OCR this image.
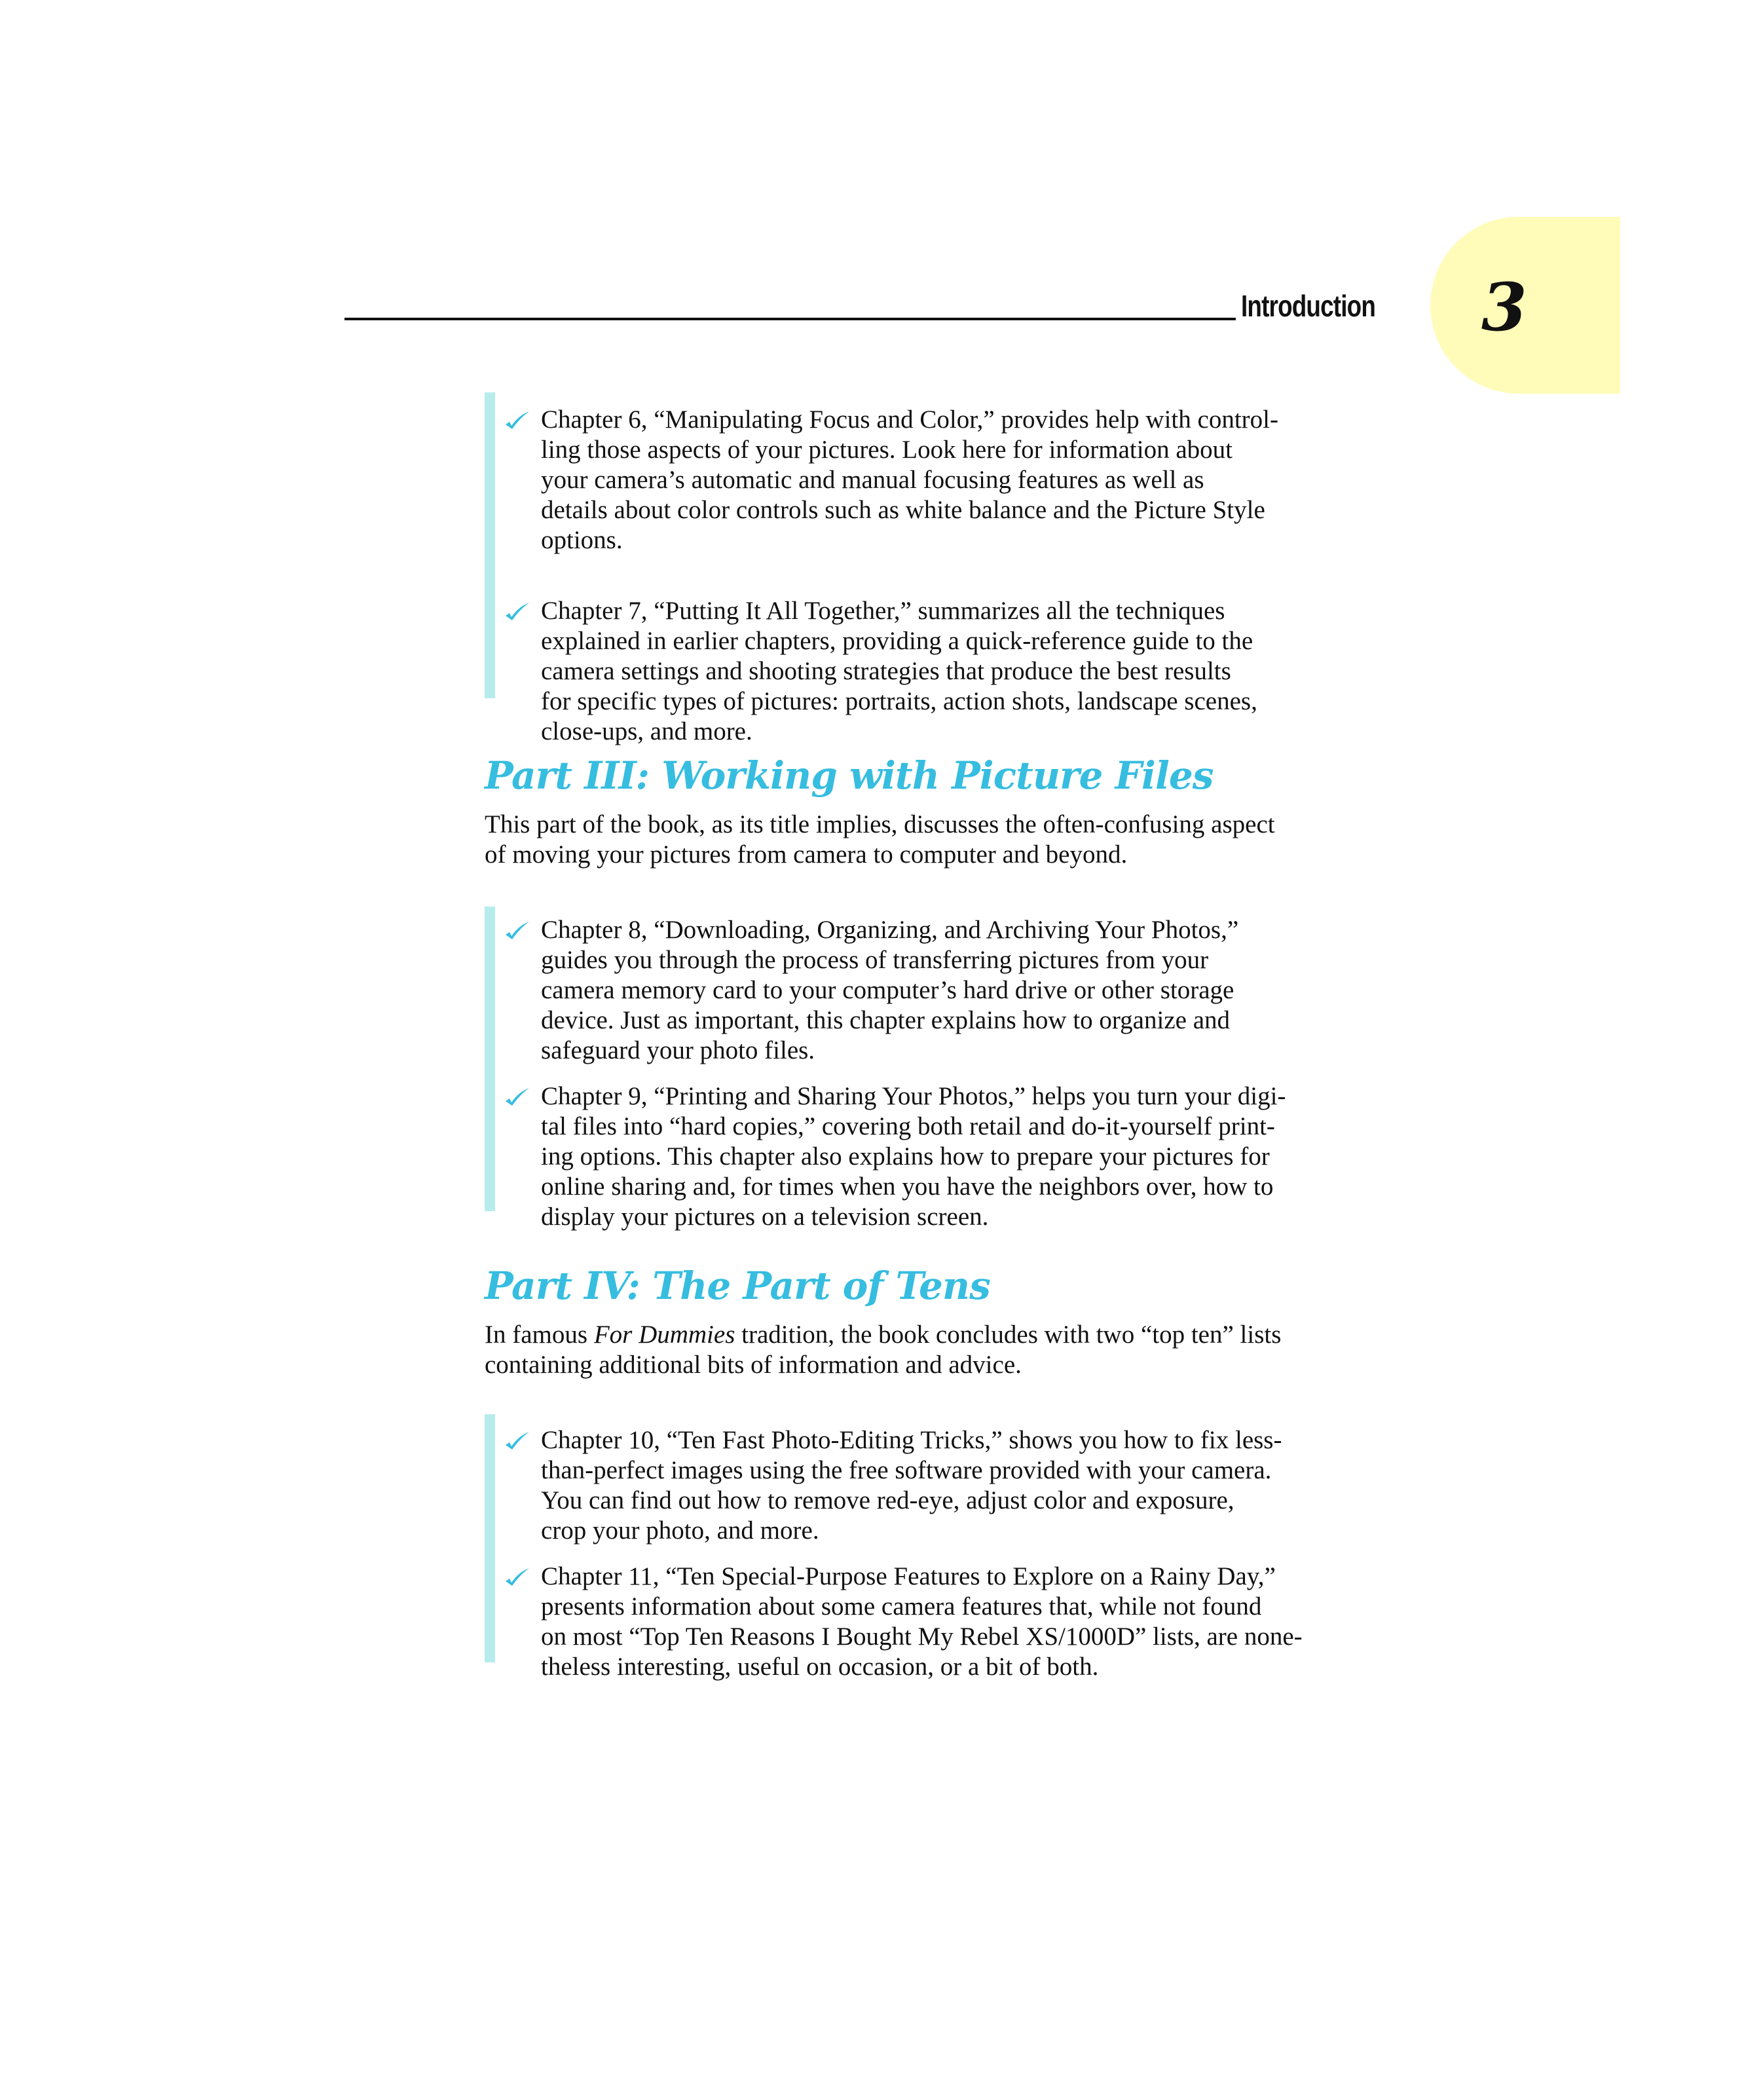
Introduction 3
Chapter 6, “Manipulating Focus and Color,” provides help with control-
ling those aspects of your pictures. Look here for information about
your camera’s automatic and manual focusing features as well as
details about color controls such as white balance and the Picture Style
options.
Chapter 7, “Putting It All Together,” summarizes all the techniques
explained in earlier chapters, providing a quick-reference guide to the
camera settings and shooting strategies that produce the best results
for specific types of pictures: portraits, action shots, landscape scenes,
close-ups, and more.
Part III: Working with Picture Files
This part of the book, as its title implies, discusses the often-confusing aspect
of moving your pictures from camera to computer and beyond.
Chapter 8, “Downloading, Organizing, and Archiving Your Photos,”
guides you through the process of transferring pictures from your
camera memory card to your computer’s hard drive or other storage
device. Just as important, this chapter explains how to organize and
safeguard your photo files.
Chapter 9, “Printing and Sharing Your Photos,” helps you turn your digi-
tal files into “hard copies,” covering both retail and do-it-yourself print-
ing options. This chapter also explains how to prepare your pictures for
online sharing and, for times when you have the neighbors over, how to
display your pictures on a television screen.
Part IV: The Part of Tens
In famous For Dummies tradition, the book concludes with two “top ten” lists
containing additional bits of information and advice.
Chapter 10, “Ten Fast Photo-Editing Tricks,” shows you how to fix less-
than-perfect images using the free software provided with your camera.
You can find out how to remove red-eye, adjust color and exposure,
crop your photo, and more.
Chapter 11, “Ten Special-Purpose Features to Explore on a Rainy Day,”
presents information about some camera features that, while not found
on most “Top Ten Reasons I Bought My Rebel XS/1000D” lists, are none-
theless interesting, useful on occasion, or a bit of both.
